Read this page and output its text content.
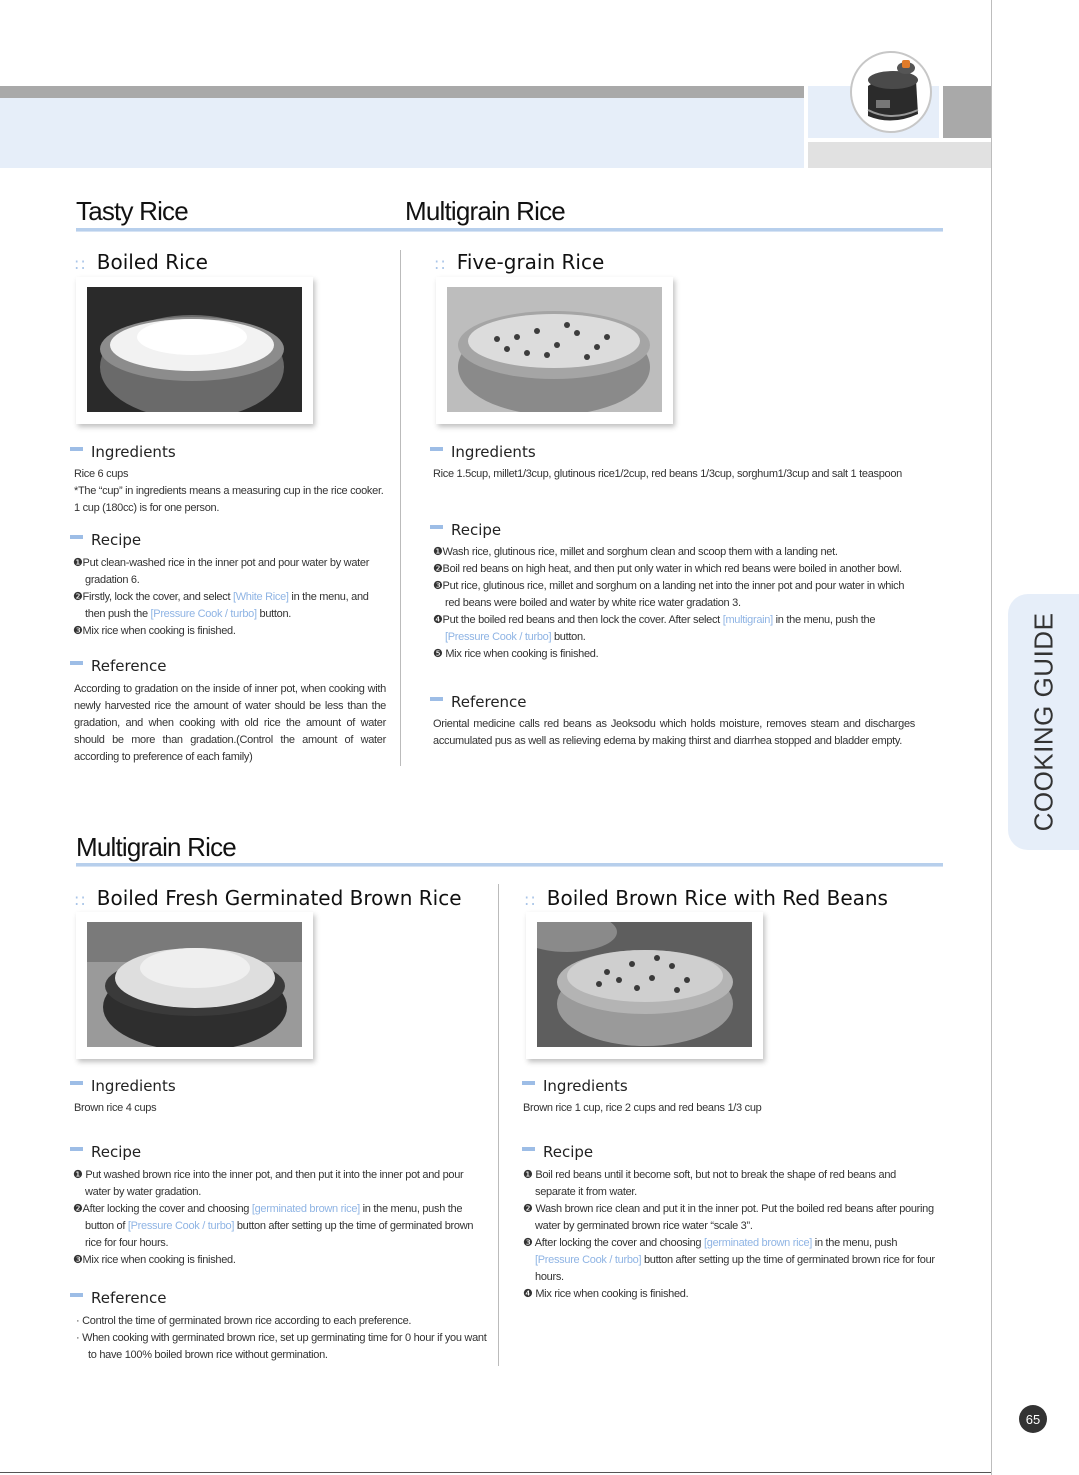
COOKING GUIDE
Tasty Rice	Multigrain Rice
:: Boiled Rice
Ingredients

Rice 6 cups

*The “cup” in ingredients means a measuring cup in the rice cooker. 1 cup (180cc) is for one person.

Recipe

❶Put clean-washed rice in the inner pot and pour water by water gradation 6.

❷Firstly, lock the cover, and select [White Rice] in the menu, and then push the [Pressure Cook / turbo] button.

❸Mix rice when cooking is finished.

Reference
According to gradation on the inside of inner pot, when cooking with newly harvested rice the amount of water should be less than the gradation, and when cooking with old rice the amount of water should be more than gradation.(Control the amount of water according to preference of each family)
:: Five-grain Rice
Ingredients
Rice 1.5cup, millet1/3cup, glutinous rice1/2cup, red beans 1/3cup, sorghum1/3cup and salt 1 teaspoon
Recipe

❶Wash rice, glutinous rice, millet and sorghum clean and scoop them with a landing net.

❷Boil red beans on high heat, and then put only water in which red beans were boiled in another bowl.

❸Put rice, glutinous rice, millet and sorghum on a landing net into the inner pot and pour water in which red beans were boiled and water by white rice water gradation 3.

❹Put the boiled red beans and then lock the cover. After select [multigrain] in the menu, push the [Pressure Cook / turbo] button.

❺ Mix rice when cooking is finished.

Reference
Oriental medicine calls red beans as Jeoksodu which holds moisture, removes steam and discharges accumulated pus as well as relieving edema by making thirst and diarrhea stopped and bladder empty.
Multigrain Rice
:: Boiled Fresh Germinated Brown Rice
Ingredients
Brown rice 4 cups
Recipe

❶ Put washed brown rice into the inner pot, and then put it into the inner pot and pour water by water gradation.

❷After locking the cover and choosing [germinated brown rice] in the menu, push the button of [Pressure Cook / turbo] button after setting up the time of germinated brown rice for four hours.

❸Mix rice when cooking is finished.

Reference

· Control the time of germinated brown rice according to each preference.

· When cooking with germinated brown rice, set up germinating time for 0 hour if you want to have 100% boiled brown rice without germination.

:: Boiled Brown Rice with Red Beans
Ingredients
Brown rice 1 cup, rice 2 cups and red beans 1/3 cup
Recipe

❶ Boil red beans until it become soft, but not to break the shape of red beans and separate it from water.

❷ Wash brown rice clean and put it in the inner pot. Put the boiled red beans after pouring water by germinated brown rice water “scale 3”.

❸ After locking the cover and choosing [germinated brown rice] in the menu, push [Pressure Cook / turbo] button after setting up the time of germinated brown rice for four hours.

❹ Mix rice when cooking is finished.

65
